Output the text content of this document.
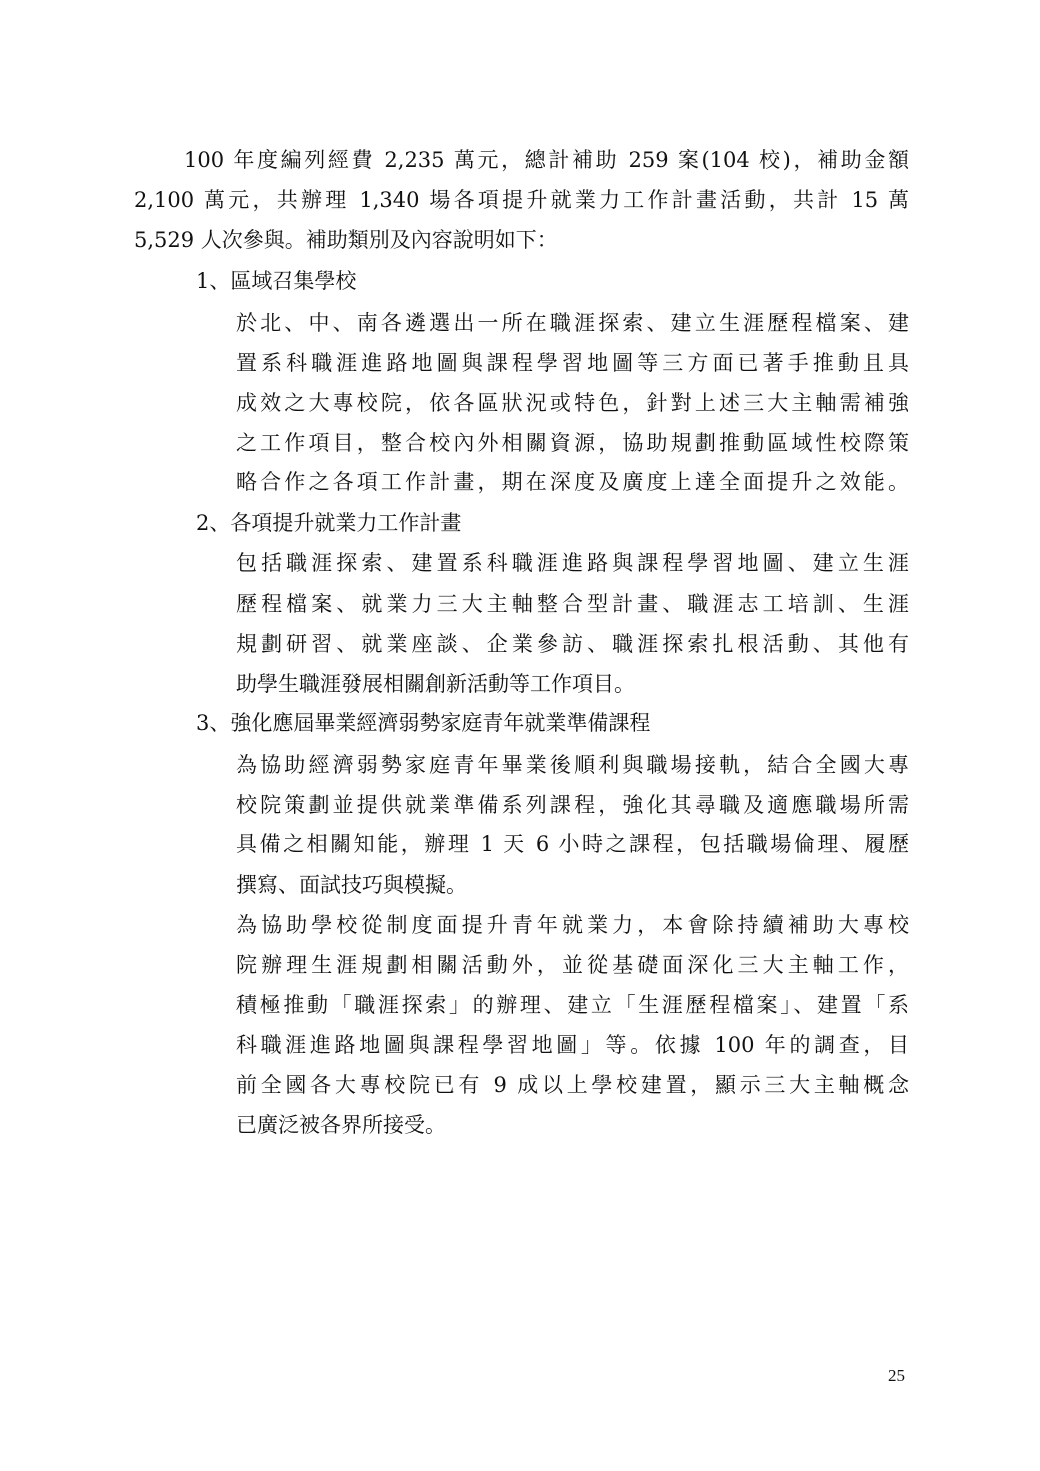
100 年度編列經費 2,235 萬元，總計補助 259 案(104 校)，補助金額
2,100 萬元，共辦理 1,340 場各項提升就業力工作計畫活動，共計 15 萬
5,529 人次參與。補助類別及內容說明如下：
1、區域召集學校
於北、中、南各遴選出一所在職涯探索、建立生涯歷程檔案、建
置系科職涯進路地圖與課程學習地圖等三方面已著手推動且具
成效之大專校院，依各區狀況或特色，針對上述三大主軸需補強
之工作項目，整合校內外相關資源，協助規劃推動區域性校際策
略合作之各項工作計畫，期在深度及廣度上達全面提升之效能。
2、各項提升就業力工作計畫
包括職涯探索、建置系科職涯進路與課程學習地圖、建立生涯
歷程檔案、就業力三大主軸整合型計畫、職涯志工培訓、生涯
規劃研習、就業座談、企業參訪、職涯探索扎根活動、其他有
助學生職涯發展相關創新活動等工作項目。
3、強化應屆畢業經濟弱勢家庭青年就業準備課程
為協助經濟弱勢家庭青年畢業後順利與職場接軌，結合全國大專
校院策劃並提供就業準備系列課程，強化其尋職及適應職場所需
具備之相關知能，辦理 1 天 6 小時之課程，包括職場倫理、履歷
撰寫、面試技巧與模擬。
為協助學校從制度面提升青年就業力，本會除持續補助大專校
院辦理生涯規劃相關活動外，並從基礎面深化三大主軸工作，
積極推動「職涯探索」的辦理、建立「生涯歷程檔案」、建置「系
科職涯進路地圖與課程學習地圖」等。依據 100 年的調查，目
前全國各大專校院已有 9 成以上學校建置，顯示三大主軸概念
已廣泛被各界所接受。
25
